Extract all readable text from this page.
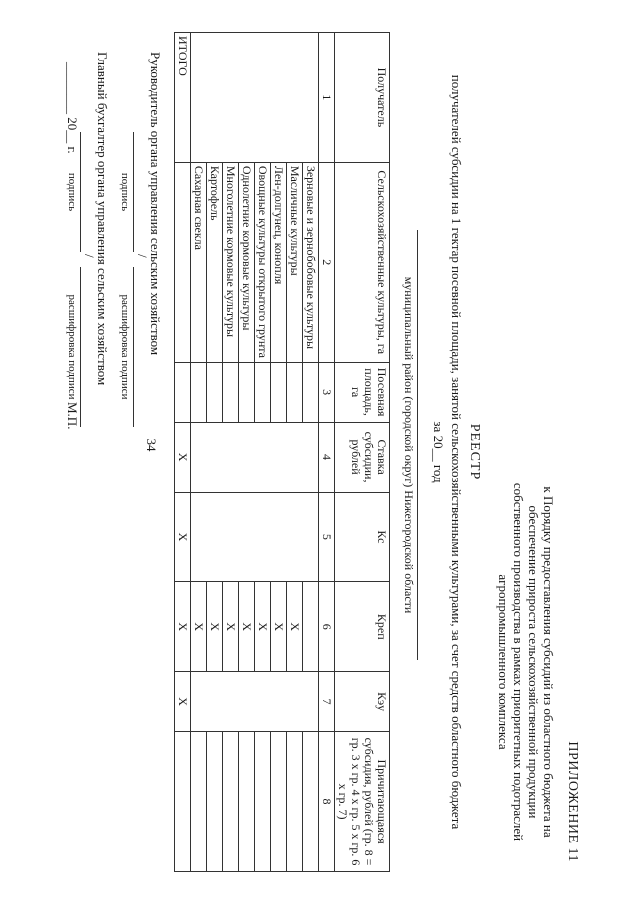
34
ПРИЛОЖЕНИЕ 11
к Порядку предоставления субсидий из областного бюджета на обеспечение прироста сельскохозяйственной продукции собственного производства в рамках приоритетных подотраслей агропромышленного комплекса
РЕЕСТР
получателей субсидии на 1 гектар посевной площади, занятой сельскохозяйственными культурами, за счет средств областного бюджета
за 20__ год
муниципальный район (городской округ) Нижегородской области
Получатель	Сельскохозяйственные культуры, га	Посевная площадь, га	Ставка субсидии, рублей	Кс	Креп	Кэу	Причитающаяся субсидия, рублей (гр. 8 = гр. 3 х гр. 4 х гр. 5 х гр. 6 х гр. 7)
1	2	3	4	5	6	7	8
	Зерновые и зернобобовые культуры						
	Масличные культуры				X		
	Лен-долгунец, конопля				X		
	Овощные культуры открытого грунта				X		
	Однолетние кормовые культуры				X		
	Многолетние кормовые культуры				X		
	Картофель				X		
	Сахарная свекла				X		
ИТОГО			X	X	X	X	
Руководитель органа управления сельским хозяйством
/
подпись
расшифровка подписи
Главный бухгалтер органа управления сельским хозяйством
/
подпись
расшифровка подписи
________ 20__ г.
М.П.
